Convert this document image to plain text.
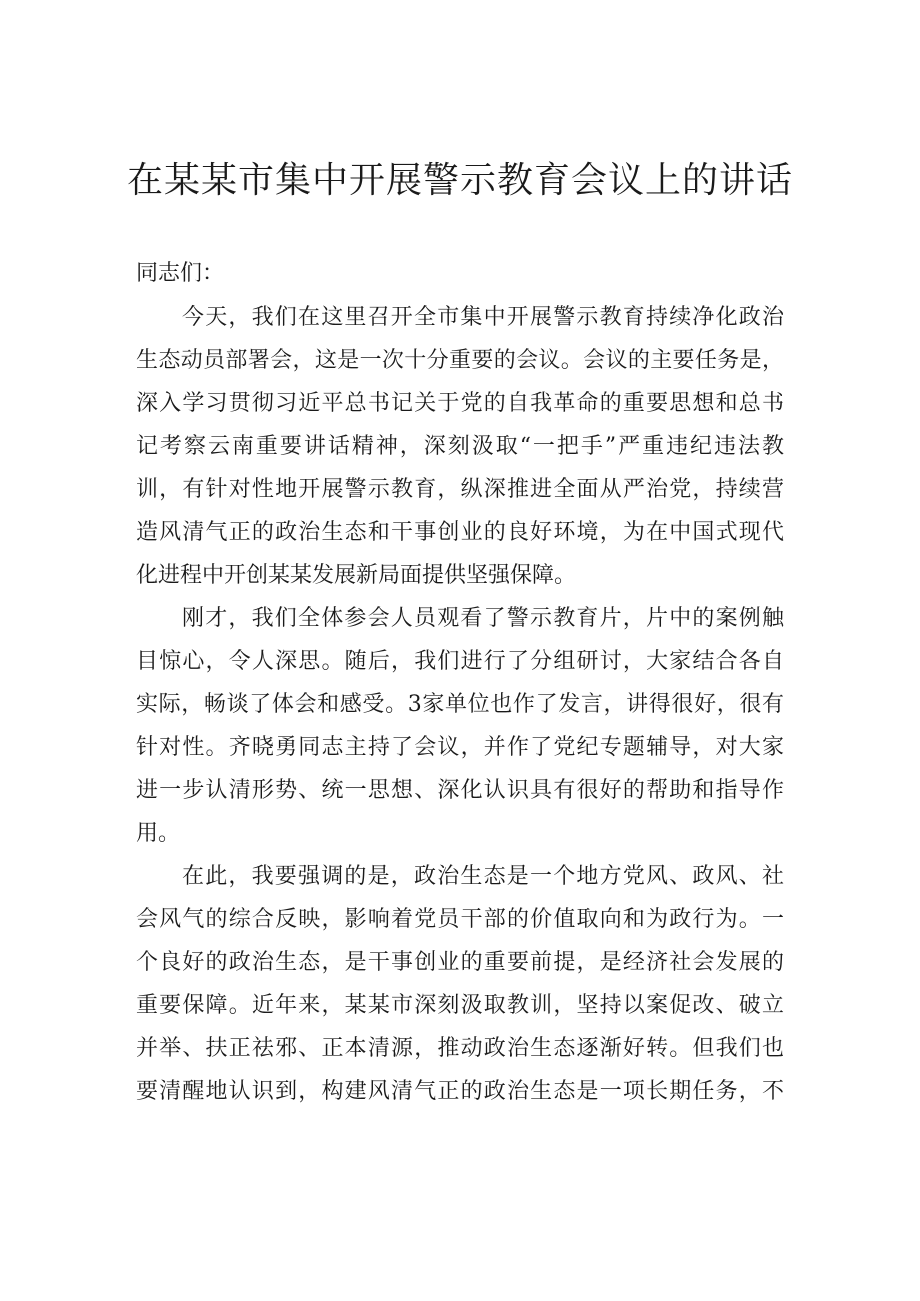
在某某市集中开展警示教育会议上的讲话
同志们：
今天，我们在这里召开全市集中开展警示教育持续净化政治
生态动员部署会，这是一次十分重要的会议。会议的主要任务是，
深入学习贯彻习近平总书记关于党的自我革命的重要思想和总书
记考察云南重要讲话精神，深刻汲取“一把手”严重违纪违法教
训，有针对性地开展警示教育，纵深推进全面从严治党，持续营
造风清气正的政治生态和干事创业的良好环境，为在中国式现代
化进程中开创某某发展新局面提供坚强保障。
刚才，我们全体参会人员观看了警示教育片，片中的案例触
目惊心，令人深思。随后，我们进行了分组研讨，大家结合各自
实际，畅谈了体会和感受。3家单位也作了发言，讲得很好，很有
针对性。齐晓勇同志主持了会议，并作了党纪专题辅导，对大家
进一步认清形势、统一思想、深化认识具有很好的帮助和指导作
用。
在此，我要强调的是，政治生态是一个地方党风、政风、社
会风气的综合反映，影响着党员干部的价值取向和为政行为。一
个良好的政治生态，是干事创业的重要前提，是经济社会发展的
重要保障。近年来，某某市深刻汲取教训，坚持以案促改、破立
并举、扶正祛邪、正本清源，推动政治生态逐渐好转。但我们也
要清醒地认识到，构建风清气正的政治生态是一项长期任务，不
